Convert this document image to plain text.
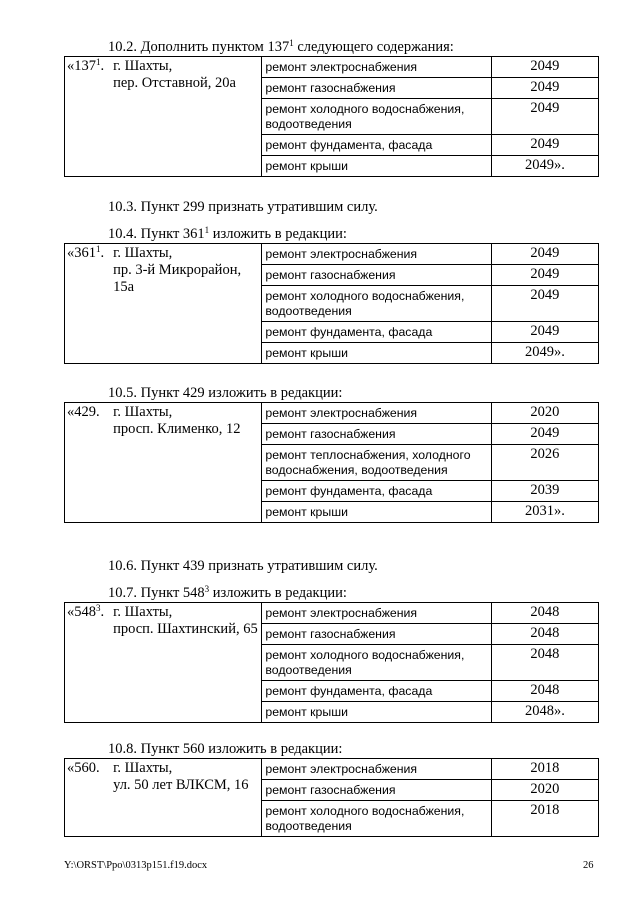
10.2. Дополнить пунктом $137^1$ следующего содержания:
«$137^1$.	г. Шахты,
пер. Отставной, 20а	ремонт электроснабжения	2049
		ремонт газоснабжения	2049
		ремонт холодного водоснабжения, водоотведения	2049
		ремонт фундамента, фасада	2049
		ремонт крыши	2049».
10.3. Пункт 299 признать утратившим силу.
10.4. Пункт $361^1$ изложить в редакции:
«$361^1$.	г. Шахты,
пр. 3-й Микрорайон, 15а	ремонт электроснабжения	2049
		ремонт газоснабжения	2049
		ремонт холодного водоснабжения, водоотведения	2049
		ремонт фундамента, фасада	2049
		ремонт крыши	2049».
10.5. Пункт 429 изложить в редакции:
«429.	г. Шахты,
просп. Клименко, 12	ремонт электроснабжения	2020
		ремонт газоснабжения	2049
		ремонт теплоснабжения, холодного водоснабжения, водоотведения	2026
		ремонт фундамента, фасада	2039
		ремонт крыши	2031».
10.6. Пункт 439 признать утратившим силу.
10.7. Пункт $548^3$ изложить в редакции:
«$548^3$.	г. Шахты,
просп. Шахтинский, 65	ремонт электроснабжения	2048
		ремонт газоснабжения	2048
		ремонт холодного водоснабжения, водоотведения	2048
		ремонт фундамента, фасада	2048
		ремонт крыши	2048».
10.8. Пункт 560 изложить в редакции:
«560.	г. Шахты,
ул. 50 лет ВЛКСМ, 16	ремонт электроснабжения	2018
		ремонт газоснабжения	2020
		ремонт холодного водоснабжения, водоотведения	2018
Y:\ORST\Ppo\0313p151.f19.docx	26
